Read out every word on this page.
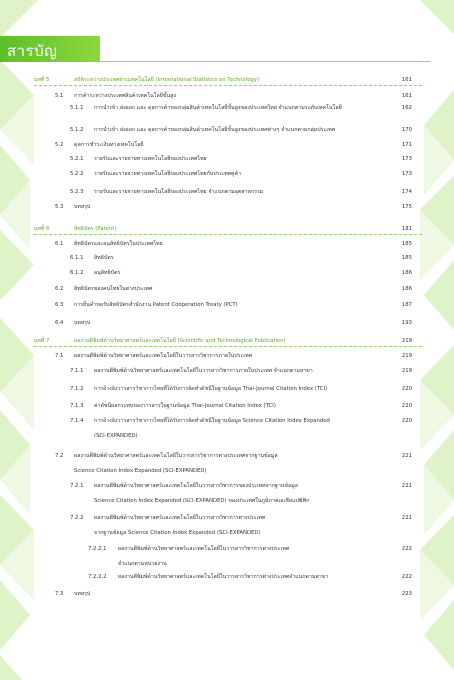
สารบัญ
บทที่ 5	สถิติระหว่างประเทศด้านเทคโนโลยี (International Statistics on Technology)	161
5.1 การค้าระหว่างประเทศสินค้าเทคโนโลยีขั้นสูง	161
5.1.1 การนำเข้า ส่งออก และ ดุลการค้าของกลุ่มสินค้าเทคโนโลยีขั้นสูงของประเทศไทย จำแนกตามระดับเทคโนโลยี	162
5.1.2 การนำเข้า ส่งออก และ ดุลการค้าของกลุ่มสินค้าเทคโนโลยีขั้นสูงของประเทศต่างๆ จำแนกตามกลุ่มประเทศ	170
5.2 ดุลการชำระเงินทางเทคโนโลยี	171
5.2.1 รายรับและรายจ่ายทางเทคโนโลยีของประเทศไทย	173
5.2.2 รายรับและรายจ่ายทางเทคโนโลยีของประเทศไทยกับประเทศคู่ค้า	173
5.2.3 รายรับและรายจ่ายทางเทคโนโลยีของประเทศไทย จำแนกตามอุตสาหกรรม	174
5.3 บทสรุป	175
บทที่ 6	สิทธิบัตร (Patent)	181
6.1 สิทธิบัตรและอนุสิทธิบัตรในประเทศไทย	185
6.1.1 สิทธิบัตร	185
6.1.2 อนุสิทธิบัตร	186
6.2 สิทธิบัตรของคนไทยในต่างประเทศ	186
6.3 การยื่นคำขอรับสิทธิบัตรสำนักงาน Patent Cooperation Treaty (PCT)	187
6.4 บทสรุป	193
บทที่ 7	ผลงานตีพิมพ์ด้านวิทยาศาสตร์และเทคโนโลยี (Scientific and Technological Publication)	219
7.1 ผลงานตีพิมพ์ด้านวิทยาศาสตร์และเทคโนโลยีในวารสารวิชาการภายในประเทศ	219
7.1.1 ผลงานตีพิมพ์ด้านวิทยาศาสตร์และเทคโนโลยีในวารสารวิชาการภายในประเทศ จำแนกตามสาขา	219
7.1.2 การอ้างอิงวารสารวิชาการไทยที่ได้รับการจัดทำดัชนีในฐานข้อมูล Thai-Journal Citation Index (TCI)	220
7.1.3 ค่าดัชนีผลกระทบของวารสารในฐานข้อมูล Thai-Journal Citation Index (TCI)	220
7.1.4 การอ้างอิงวารสารวิชาการไทยที่ได้รับการจัดทำดัชนีในฐานข้อมูล Science Citation Index Expanded	220
(SCI-EXPANDED)
7.2 ผลงานตีพิมพ์ด้านวิทยาศาสตร์และเทคโนโลยีในวารสารวิชาการต่างประเทศจากฐานข้อมูล	221
Science Citation Index Expanded (SCI-EXPANDED)
7.2.1 ผลงานตีพิมพ์ด้านวิทยาศาสตร์และเทคโนโลยีในวารสารวิชาการของประเทศจากฐานข้อมูล	221
Science Citation Index Expanded (SCI-EXPANDED) ของประเทศในภูมิภาคเอเชียแปซิฟิก
7.2.2 ผลงานตีพิมพ์ด้านวิทยาศาสตร์และเทคโนโลยีในวารสารวิชาการต่างประเทศ	221
จากฐานข้อมูล Science Citation Index Expanded (SCI-EXPANDED)
7.2.2.1 ผลงานตีพิมพ์ด้านวิทยาศาสตร์และเทคโนโลยีในวารสารวิชาการต่างประเทศ	222
จำแนกตามหน่วยงาน
7.2.2.2 ผลงานตีพิมพ์ด้านวิทยาศาสตร์และเทคโนโลยีในวารสารวิชาการต่างประเทศจำแนกตามสาขา	222
7.3 บทสรุป	223
